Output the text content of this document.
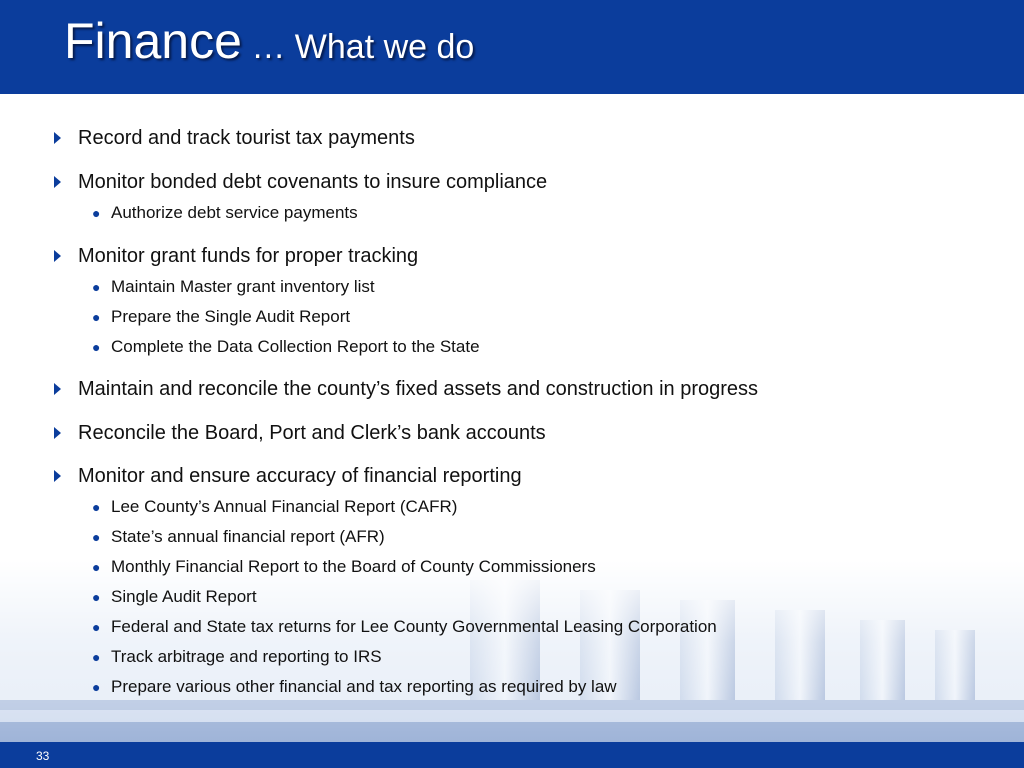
Finance … What we do
Record and track tourist tax payments
Monitor bonded debt covenants to insure compliance
● Authorize debt service payments
Monitor grant funds for proper tracking
● Maintain Master grant inventory list
● Prepare the Single Audit Report
● Complete the Data Collection Report to the State
Maintain and reconcile the county’s fixed assets and construction in progress
Reconcile the Board, Port and Clerk’s bank accounts
Monitor and ensure accuracy of financial reporting
● Lee County’s Annual Financial Report (CAFR)
● State’s annual financial report (AFR)
● Monthly Financial Report to the Board of County Commissioners
● Single Audit Report
● Federal and State tax returns for Lee County Governmental Leasing Corporation
● Track arbitrage and reporting to IRS
● Prepare various other financial and tax reporting as required by law
33
